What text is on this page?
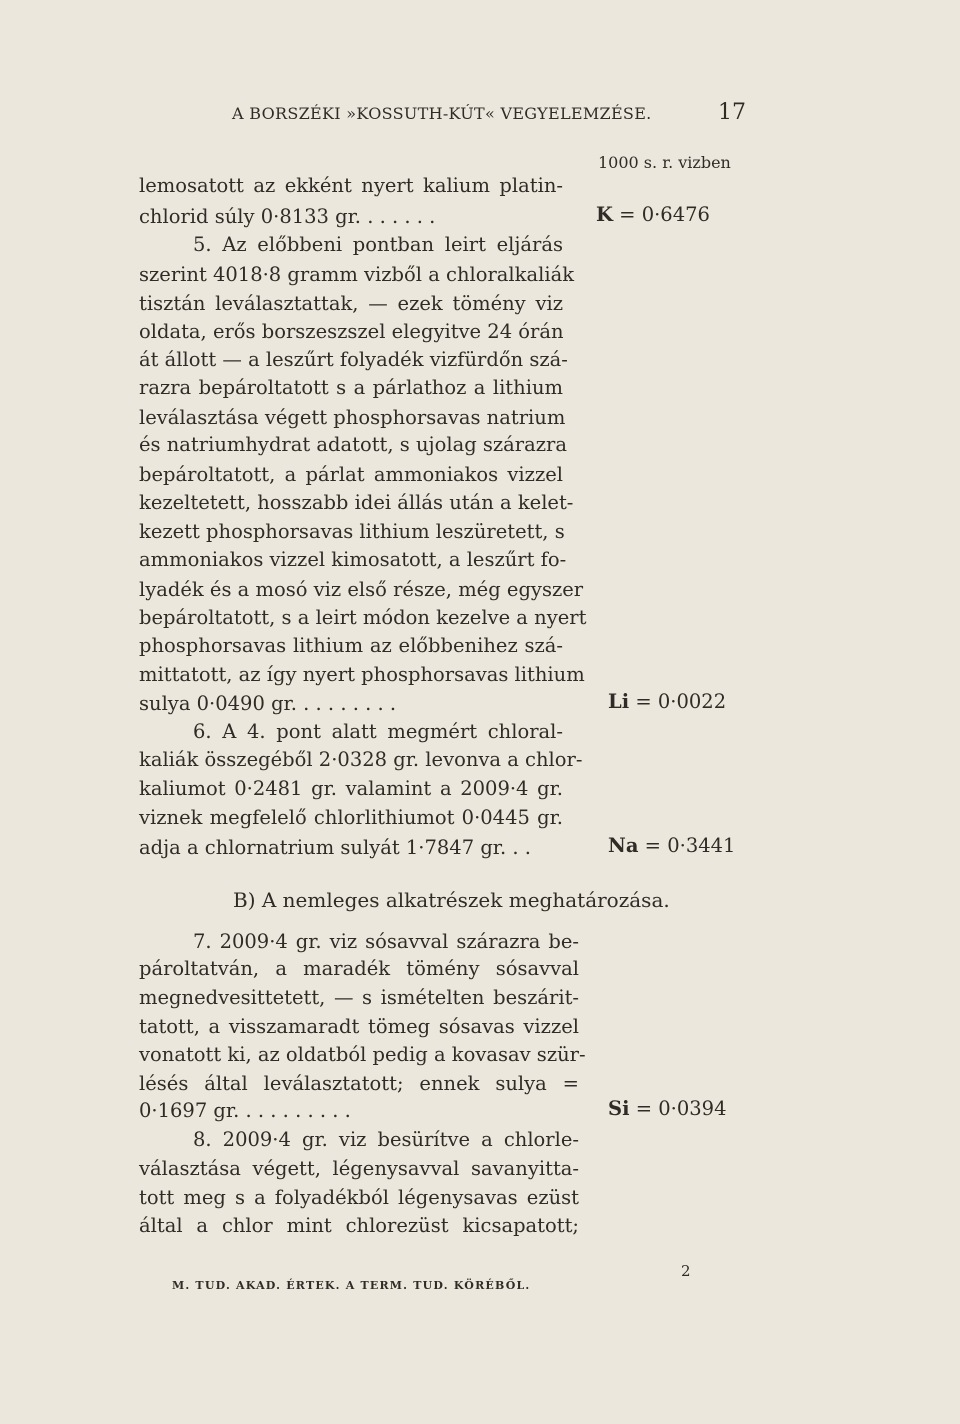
A BORSZÉKI »KOSSUTH-KÚT« VEGYELEMZÉSE.	17
1000 s. r. vizben
lemosatott az ekként nyert kalium platin-
chlorid súly 0·8133 gr. . . . . . .
5. Az előbbeni pontban leirt eljárás
szerint 4018·8 gramm vizből a chloralkaliák
tisztán leválasztattak, — ezek tömény viz
oldata, erős borszeszszel elegyitve 24 órán
át állott — a leszűrt folyadék vizfürdőn szá-
razra bepároltatott s a párlathoz a lithium
leválasztása végett phosphorsavas natrium
és natriumhydrat adatott, s ujolag szárazra
bepároltatott, a párlat ammoniakos vizzel
kezeltetett, hosszabb idei állás után a kelet-
kezett phosphorsavas lithium leszüretett, s
ammoniakos vizzel kimosatott, a leszűrt fo-
lyadék és a mosó viz első része, még egyszer
bepároltatott, s a leirt módon kezelve a nyert
phosphorsavas lithium az előbbenihez szá-
mittatott, az így nyert phosphorsavas lithium
sulya 0·0490 gr. . . . . . . . .
6. A 4. pont alatt megmért chloral-
kaliák összegéből 2·0328 gr. levonva a chlor-
kaliumot 0·2481 gr. valamint a 2009·4 gr.
viznek megfelelő chlorlithiumot 0·0445 gr.
adja a chlornatrium sulyát 1·7847 gr. . .
K = 0·6476
Li = 0·0022
Na = 0·3441
Si = 0·0394
B) A nemleges alkatrészek meghatározása.
7. 2009·4 gr. viz sósavval szárazra be-
pároltatván, a maradék tömény sósavval
megnedvesittetett, — s ismételten beszárit-
tatott, a visszamaradt tömeg sósavas vizzel
vonatott ki, az oldatból pedig a kovasav szür-
lésés által leválasztatott; ennek sulya =
0·1697 gr. . . . . . . . . .
8. 2009·4 gr. viz besürítve a chlorle-
választása végett, légenysavval savanyitta-
tott meg s a folyadékból légenysavas ezüst
által a chlor mint chlorezüst kicsapatott;
M. TUD. AKAD. ÉRTEK. A TERM. TUD. KÖRÉBŐL.
2
